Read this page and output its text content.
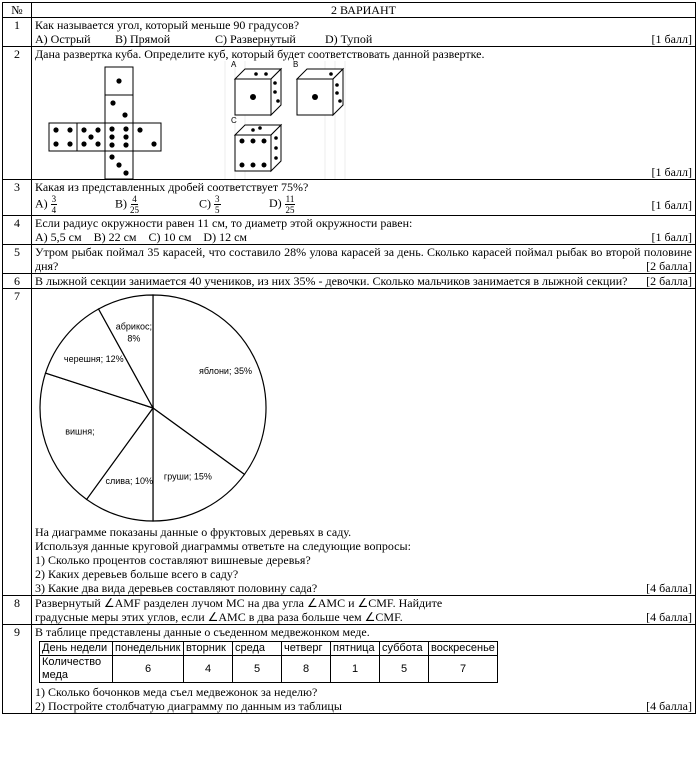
№	2 ВАРИАНТ
1	Как называется угол, который меньше 90 градусов?
А) Острый В) Прямой	С) Развернутый D) Тупой	[1 балл]

2	Дана развертка куба. Определите куб, который будет соответствовать данной развертке.
A	B
C
[1 балл]

3	Какая из представленных дробей соответствует 75%?
$А) \frac{3}{4}$	$В) \frac{4}{25}$	$С) \frac{3}{5}$	$D) \frac{11}{25}$	[1 балл]

4	Если радиус окружности равен 11 см, то диаметр этой окружности равен:
А) 5,5 см    В) 22 см    С) 10 см    D) 12 см	[1 балл]

5	Утром рыбак поймал 35 карасей, что составило 28% улова карасей за день. Сколько карасей поймал рыбак во второй половине дня?	[2 балла]

6	В лыжной секции занимается 40 учеников, из них 35% - девочки. Сколько мальчиков занимается в лыжной секции?	[2 балла]

7	
яблони; 35%
груши; 15%
слива; 10%
вишня;
черешня; 12%
абрикос; 8%
На диаграмме показаны данные о фруктовых деревьях в саду.
Используя данные круговой диаграммы ответьте на следующие вопросы:
1) Сколько процентов составляют вишневые деревья?
2) Каких деревьев больше всего в саду?
3) Какие два вида деревьев составляют половину сада?	[4 балла]

8	Развернутый ∠AMF разделен лучом МС на два угла ∠АМС и ∠CMF. Найдите
градусные меры этих углов, если ∠АМС в два раза больше чем ∠CMF.	[4 балла]

9	В таблице представлены данные о съеденном медвежонком меде.
День недели	понедельник	вторник	среда	четверг	пятница	суббота	воскресенье
Количество меда	6	4	5	8	1	5	7
1) Сколько бочонков меда съел медвежонок за неделю?
2) Постройте столбчатую диаграмму по данным из таблицы	[4 балла]
